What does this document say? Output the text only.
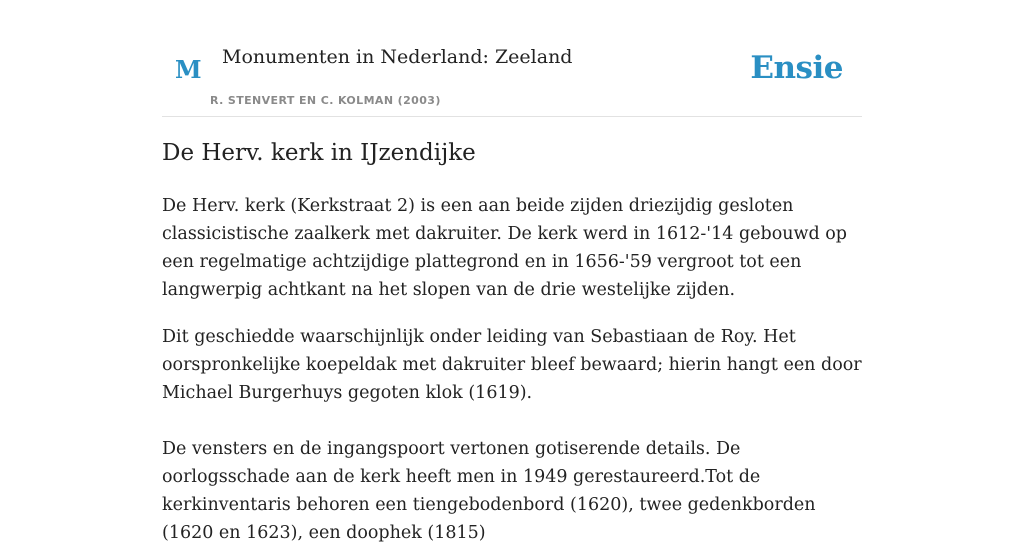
M Monumenten in Nederland: Zeeland
R. STENVERT EN C. KOLMAN (2003)
Ensie
De Herv. kerk in IJzendijke

De Herv. kerk (Kerkstraat 2) is een aan beide zijden driezijdig gesloten classicistische zaalkerk met dakruiter. De kerk werd in 1612-'14 gebouwd op een regelmatige achtzijdige plattegrond en in 1656-'59 vergroot tot een langwerpig achtkant na het slopen van de drie westelijke zijden.

Dit geschiedde waarschijnlijk onder leiding van Sebastiaan de Roy. Het oorspronkelijke koepeldak met dakruiter bleef bewaard; hierin hangt een door Michael Burgerhuys gegoten klok (1619).

De vensters en de ingangspoort vertonen gotiserende details. De oorlogsschade aan de kerk heeft men in 1949 gerestaureerd.Tot de kerkinventaris behoren een tiengebodenbord (1620), twee gedenkborden (1620 en 1623), een doophek (1815)
